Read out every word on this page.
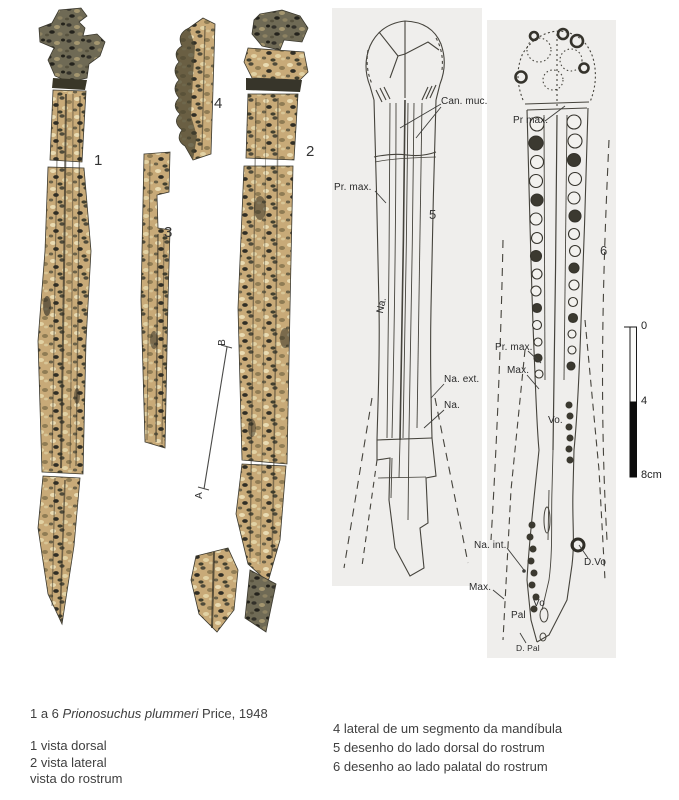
1
2
3
4
B
A
Can. muc.
Pr. max.
5
Na.
Na. ext.
Na.
Pr max.
6
Pr. max.
Max.
Vo.
Na. int.
Max.
D.Vo
Vo
Pal
D. Pal
0
4
8cm
1 a 6 Prionosuchus plummeri Price, 1948
1 vista dorsal
2 vista lateral
vista do rostrum
4 lateral de um segmento da mandíbula
5 desenho do lado dorsal do rostrum
6 desenho ao lado palatal do rostrum
